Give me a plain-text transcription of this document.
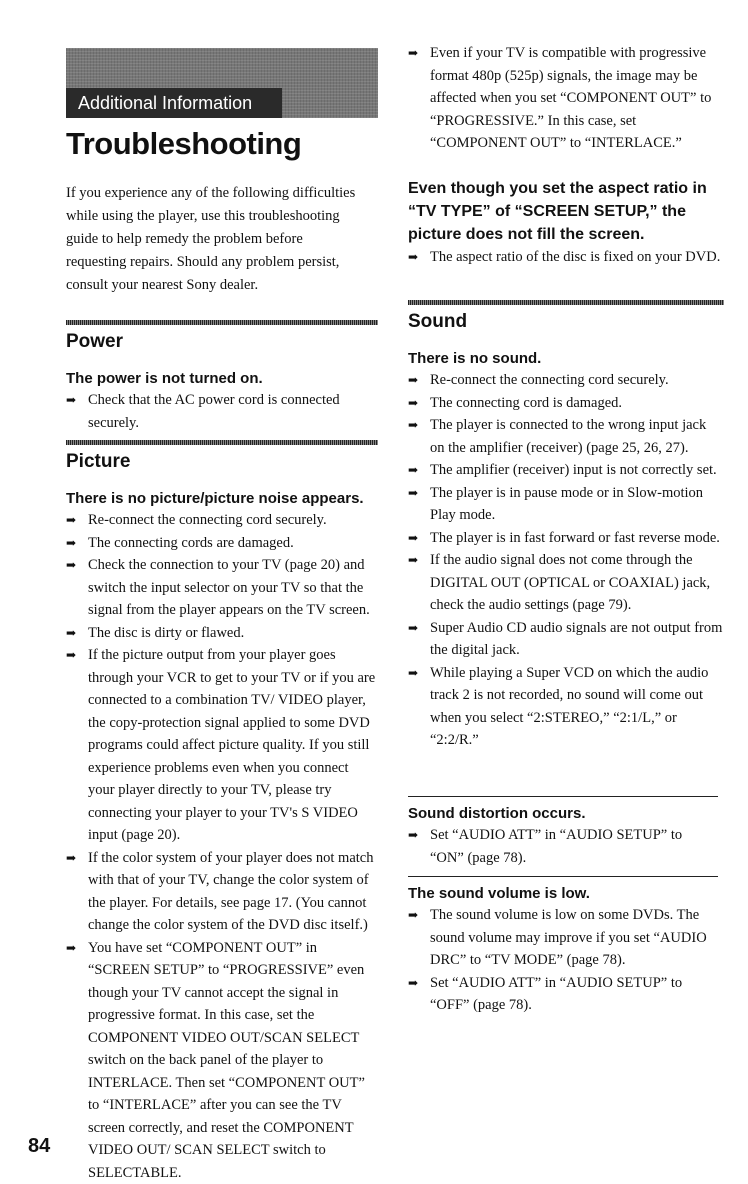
Additional Information
Troubleshooting

If you experience any of the following difficulties while using the player, use this troubleshooting guide to help remedy the problem before requesting repairs. Should any problem persist, consult your nearest Sony dealer.

Power
The power is not turned on.
➡ Check that the AC power cord is connected securely.
Picture
There is no picture/picture noise appears.
➡ Re-connect the connecting cord securely.
➡ The connecting cords are damaged.
➡ Check the connection to your TV (page 20) and switch the input selector on your TV so that the signal from the player appears on the TV screen.
➡ The disc is dirty or flawed.
➡ If the picture output from your player goes through your VCR to get to your TV or if you are connected to a combination TV/ VIDEO player, the copy-protection signal applied to some DVD programs could affect picture quality. If you still experience problems even when you connect your player directly to your TV, please try connecting your player to your TV's S VIDEO input (page 20).
➡ If the color system of your player does not match with that of your TV, change the color system of the player. For details, see page 17. (You cannot change the color system of the DVD disc itself.)
➡ You have set “COMPONENT OUT” in “SCREEN SETUP” to “PROGRESSIVE” even though your TV cannot accept the signal in progressive format. In this case, set the COMPONENT VIDEO OUT/SCAN SELECT switch on the back panel of the player to INTERLACE. Then set “COMPONENT OUT” to “INTERLACE” after you can see the TV screen correctly, and reset the COMPONENT VIDEO OUT/ SCAN SELECT switch to SELECTABLE.
84
➡ Even if your TV is compatible with progressive format 480p (525p) signals, the image may be affected when you set “COMPONENT OUT” to “PROGRESSIVE.” In this case, set “COMPONENT OUT” to “INTERLACE.”
Even though you set the aspect ratio in “TV TYPE” of “SCREEN SETUP,” the picture does not fill the screen.
➡ The aspect ratio of the disc is fixed on your DVD.
Sound
There is no sound.
➡ Re-connect the connecting cord securely.
➡ The connecting cord is damaged.
➡ The player is connected to the wrong input jack on the amplifier (receiver) (page 25, 26, 27).
➡ The amplifier (receiver) input is not correctly set.
➡ The player is in pause mode or in Slow-motion Play mode.
➡ The player is in fast forward or fast reverse mode.
➡ If the audio signal does not come through the DIGITAL OUT (OPTICAL or COAXIAL) jack, check the audio settings (page 79).
➡ Super Audio CD audio signals are not output from the digital jack.
➡ While playing a Super VCD on which the audio track 2 is not recorded, no sound will come out when you select “2:STEREO,” “2:1/L,” or “2:2/R.”
Sound distortion occurs.
➡ Set “AUDIO ATT” in “AUDIO SETUP” to “ON” (page 78).
The sound volume is low.
➡ The sound volume is low on some DVDs. The sound volume may improve if you set “AUDIO DRC” to “TV MODE” (page 78).
➡ Set “AUDIO ATT” in “AUDIO SETUP” to “OFF” (page 78).
